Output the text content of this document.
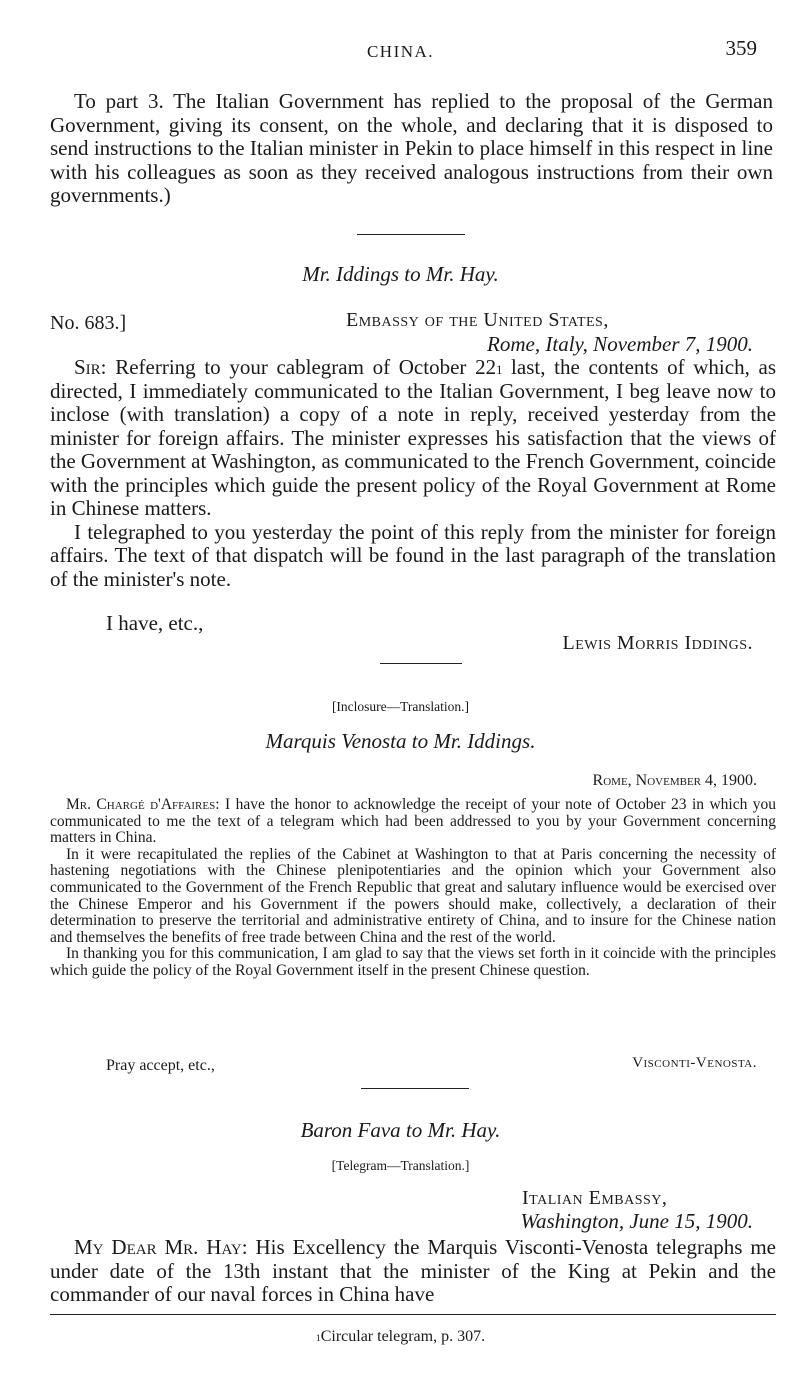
CHINA.	359

To part 3. The Italian Government has replied to the proposal of the German Government, giving its consent, on the whole, and declaring that it is disposed to send instructions to the Italian minister in Pekin to place himself in this respect in line with his colleagues as soon as they received analogous instructions from their own governments.)

Mr. Iddings to Mr. Hay.
No. 683.]	Embassy of the United States,
Rome, Italy, November 7, 1900.

Sir: Referring to your cablegram of October $22^1$ last, the contents of which, as directed, I immediately communicated to the Italian Government, I beg leave now to inclose (with translation) a copy of a note in reply, received yesterday from the minister for foreign affairs. The minister expresses his satisfaction that the views of the Government at Washington, as communicated to the French Government, coincide with the principles which guide the present policy of the Royal Government at Rome in Chinese matters.

I telegraphed to you yesterday the point of this reply from the minister for foreign affairs. The text of that dispatch will be found in the last paragraph of the translation of the minister's note.

I have, etc.,
Lewis Morris Iddings.
[Inclosure—Translation.]
Marquis Venosta to Mr. Iddings.
Rome, November 4, 1900.

Mr. Chargé d'Affaires: I have the honor to acknowledge the receipt of your note of October 23 in which you communicated to me the text of a telegram which had been addressed to you by your Government concerning matters in China.

In it were recapitulated the replies of the Cabinet at Washington to that at Paris concerning the necessity of hastening negotiations with the Chinese plenipotentiaries and the opinion which your Government also communicated to the Government of the French Republic that great and salutary influence would be exercised over the Chinese Emperor and his Government if the powers should make, collectively, a declaration of their determination to preserve the territorial and administrative entirety of China, and to insure for the Chinese nation and themselves the benefits of free trade between China and the rest of the world.

In thanking you for this communication, I am glad to say that the views set forth in it coincide with the principles which guide the policy of the Royal Government itself in the present Chinese question.

Pray accept, etc.,	Visconti-Venosta.
Baron Fava to Mr. Hay.
[Telegram—Translation.]
Italian Embassy,
Washington, June 15, 1900.

My Dear Mr. Hay: His Excellency the Marquis Visconti-Venosta telegraphs me under date of the 13th instant that the minister of the King at Pekin and the commander of our naval forces in China have

$^1$Circular telegram, p. 307.
